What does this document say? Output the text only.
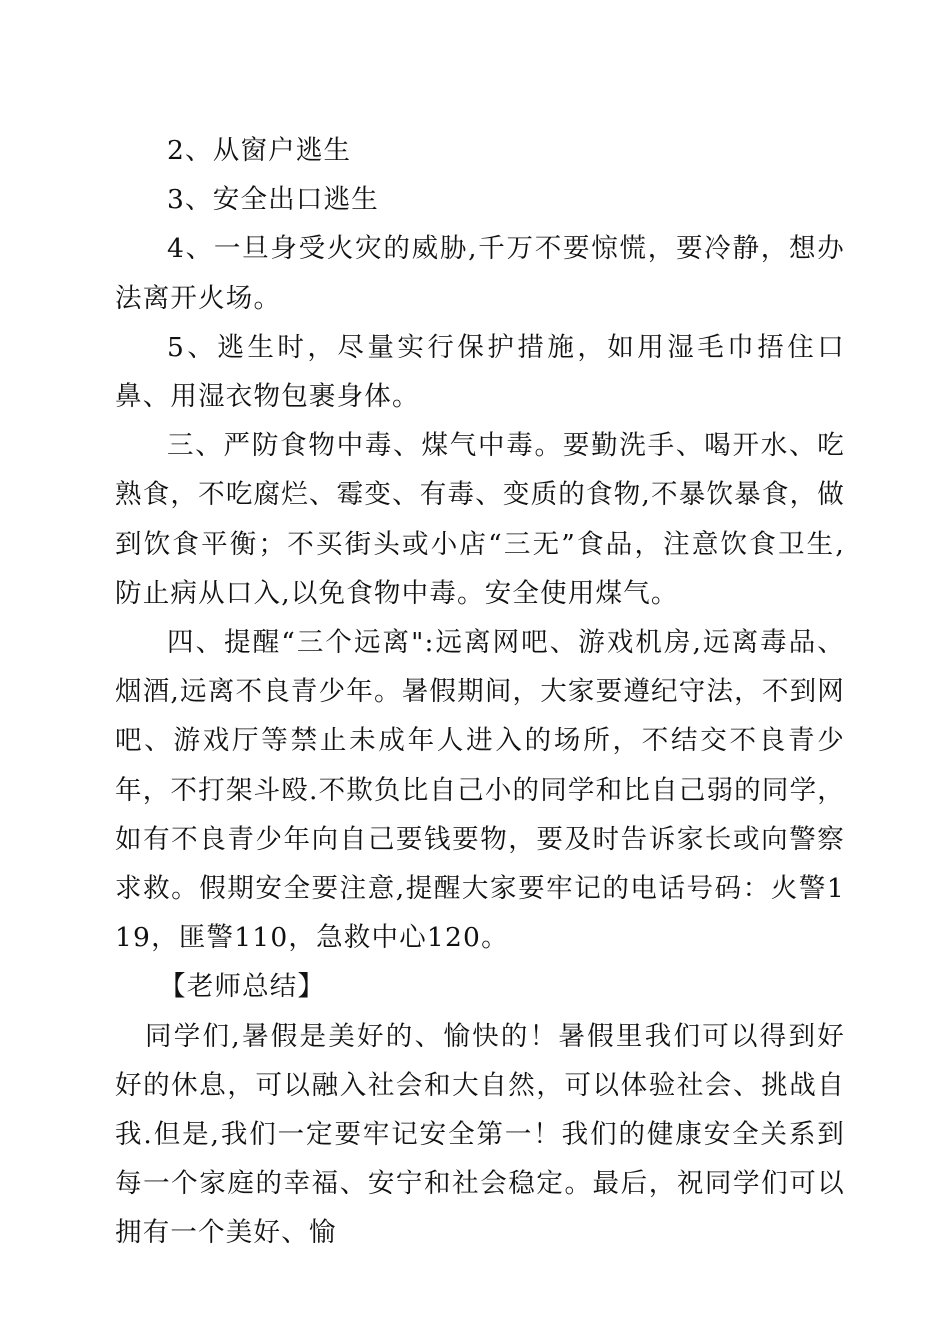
2、从窗户逃生

3、安全出口逃生

4、一旦身受火灾的威胁,千万不要惊慌，要冷静，想办法离开火场。

5、逃生时，尽量实行保护措施，如用湿毛巾捂住口鼻、用湿衣物包裹身体。

三、严防食物中毒、煤气中毒。要勤洗手、喝开水、吃熟食，不吃腐烂、霉变、有毒、变质的食物,不暴饮暴食，做到饮食平衡；不买街头或小店“三无”食品，注意饮食卫生,防止病从口入,以免食物中毒。安全使用煤气。

四、提醒“三个远离":远离网吧、游戏机房,远离毒品、烟酒,远离不良青少年。暑假期间，大家要遵纪守法，不到网吧、游戏厅等禁止未成年人进入的场所，不结交不良青少年，不打架斗殴.不欺负比自己小的同学和比自己弱的同学，如有不良青少年向自己要钱要物，要及时告诉家长或向警察求救。假期安全要注意,提醒大家要牢记的电话号码：火警119，匪警110，急救中心120。

【老师总结】

同学们,暑假是美好的、愉快的！暑假里我们可以得到好好的休息，可以融入社会和大自然，可以体验社会、挑战自我.但是,我们一定要牢记安全第一！我们的健康安全关系到每一个家庭的幸福、安宁和社会稳定。最后，祝同学们可以拥有一个美好、愉
